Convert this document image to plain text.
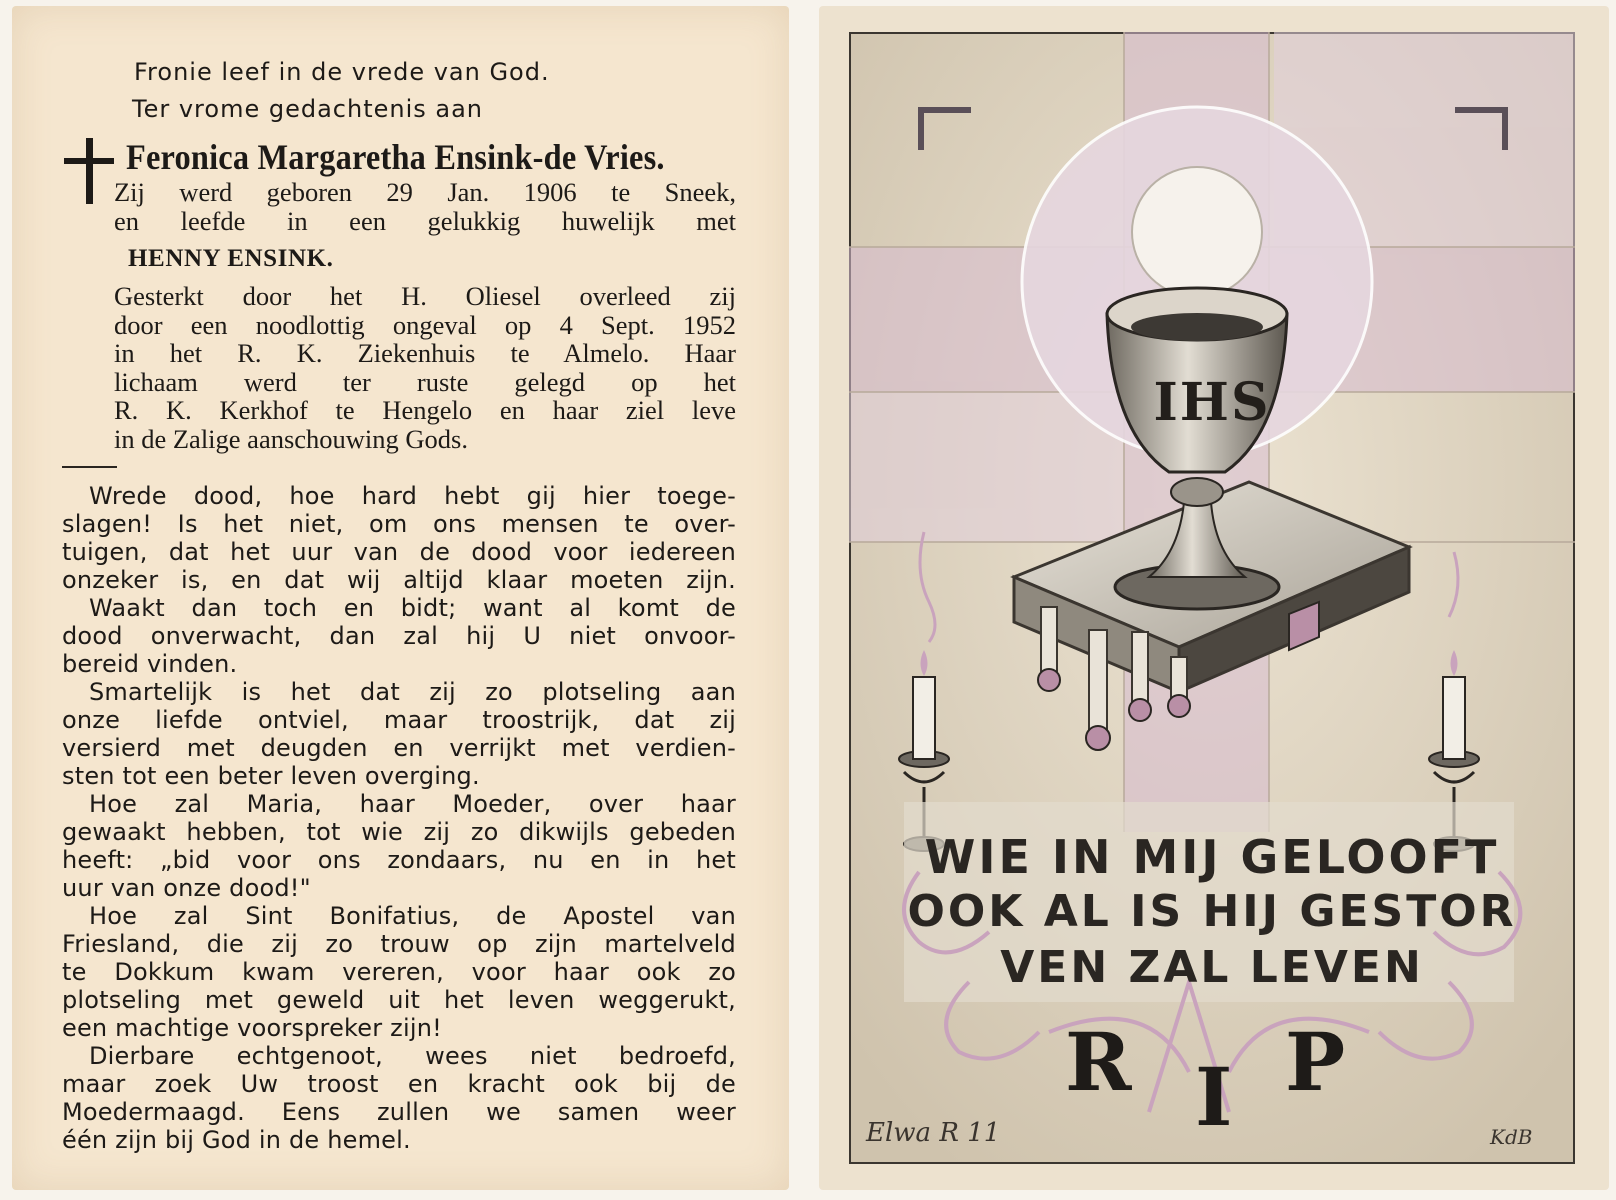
Fronie leef in de vrede van God.
Ter vrome gedachtenis aan
Feronica Margaretha Ensink-de Vries.
Zij werd geboren 29 Jan. 1906 te Sneek,
en leefde in een gelukkig huwelijk met
HENNY ENSINK.
Gesterkt door het H. Oliesel overleed zij
door een noodlottig ongeval op 4 Sept. 1952
in het R. K. Ziekenhuis te Almelo. Haar
lichaam werd ter ruste gelegd op het
R. K. Kerkhof te Hengelo en haar ziel leve
in de Zalige aanschouwing Gods.
Wrede dood, hoe hard hebt gij hier toege-
slagen! Is het niet, om ons mensen te over-
tuigen, dat het uur van de dood voor iedereen
onzeker is, en dat wij altijd klaar moeten zijn.
Waakt dan toch en bidt; want al komt de
dood onverwacht, dan zal hij U niet onvoor-
bereid vinden.
Smartelijk is het dat zij zo plotseling aan
onze liefde ontviel, maar troostrijk, dat zij
versierd met deugden en verrijkt met verdien-
sten tot een beter leven overging.
Hoe zal Maria, haar Moeder, over haar
gewaakt hebben, tot wie zij zo dikwijls gebeden
heeft: „bid voor ons zondaars, nu en in het
uur van onze dood!"
Hoe zal Sint Bonifatius, de Apostel van
Friesland, die zij zo trouw op zijn martelveld
te Dokkum kwam vereren, voor haar ook zo
plotseling met geweld uit het leven weggerukt,
een machtige voorspreker zijn!
Dierbare echtgenoot, wees niet bedroefd,
maar zoek Uw troost en kracht ook bij de
Moedermaagd. Eens zullen we samen weer
één zijn bij God in de hemel.
IHS
WIE IN MIJ GELOOFT
OOK AL IS HIJ GESTOR
VEN ZAL LEVEN
R I P
Elwa R 11	KdB
